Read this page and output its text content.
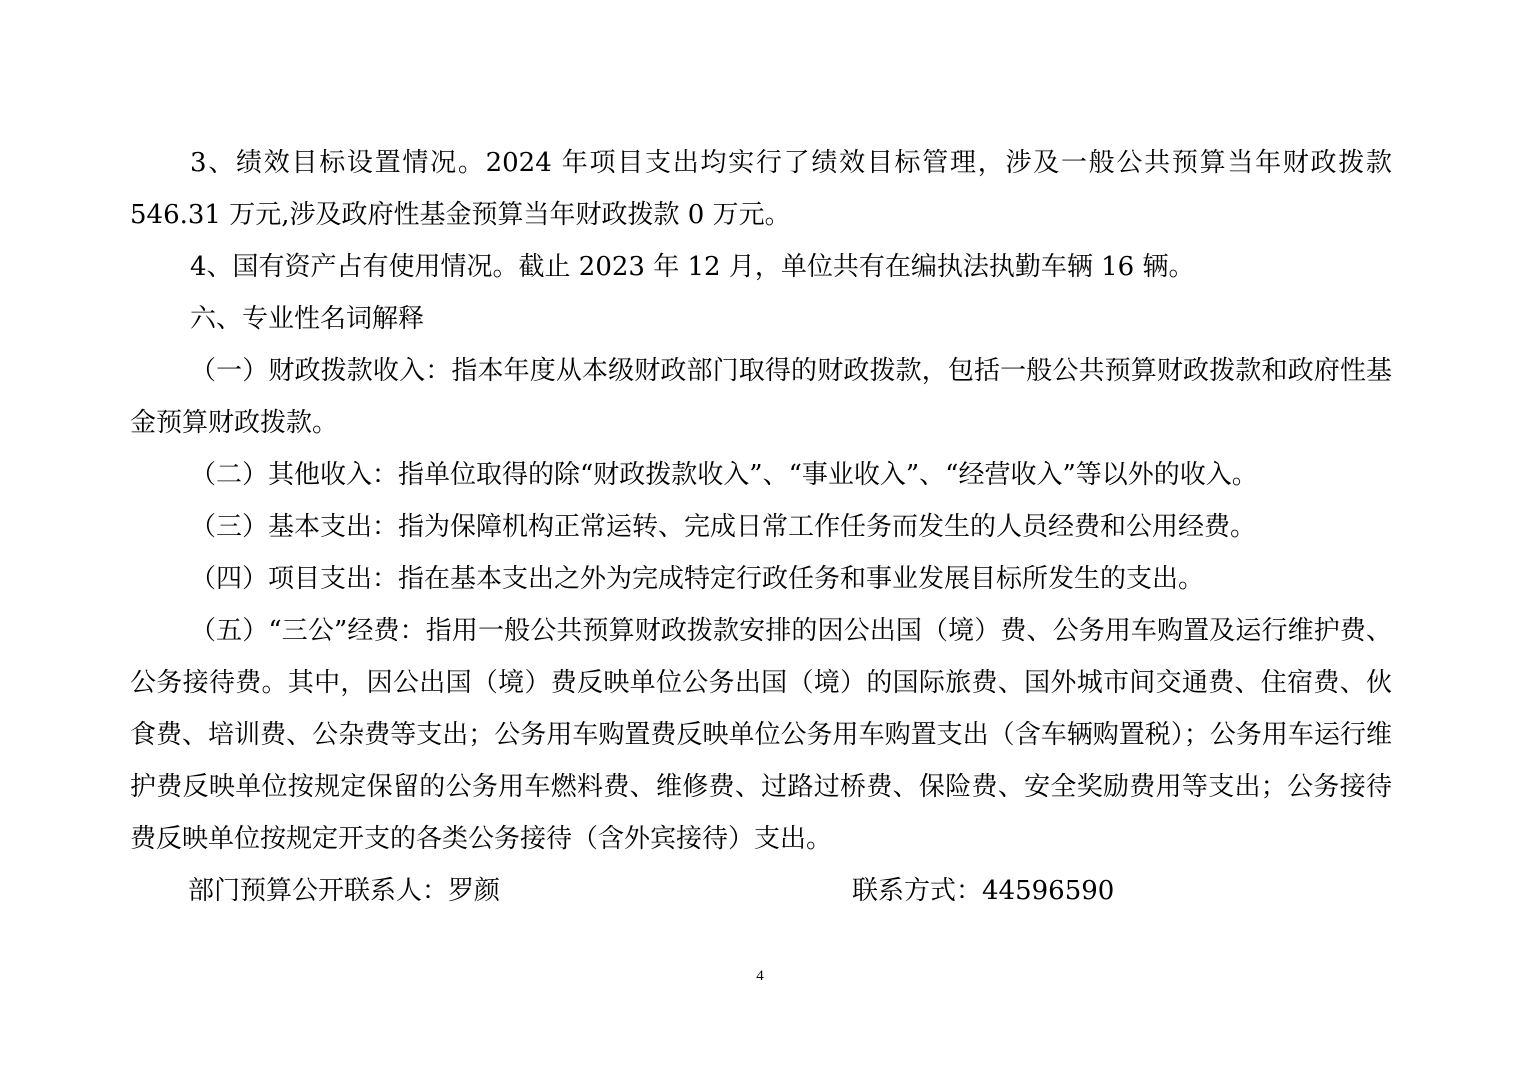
3、绩效目标设置情况。2024 年项目支出均实行了绩效目标管理，涉及一般公共预算当年财政拨款 546.31 万元,涉及政府性基金预算当年财政拨款 0 万元。

4、国有资产占有使用情况。截止 2023 年 12 月，单位共有在编执法执勤车辆 16 辆。

六、专业性名词解释

（一）财政拨款收入：指本年度从本级财政部门取得的财政拨款，包括一般公共预算财政拨款和政府性基金预算财政拨款。

（二）其他收入：指单位取得的除“财政拨款收入”、“事业收入”、“经营收入”等以外的收入。

（三）基本支出：指为保障机构正常运转、完成日常工作任务而发生的人员经费和公用经费。

（四）项目支出：指在基本支出之外为完成特定行政任务和事业发展目标所发生的支出。

（五）“三公”经费：指用一般公共预算财政拨款安排的因公出国（境）费、公务用车购置及运行维护费、公务接待费。其中，因公出国（境）费反映单位公务出国（境）的国际旅费、国外城市间交通费、住宿费、伙食费、培训费、公杂费等支出；公务用车购置费反映单位公务用车购置支出（含车辆购置税）；公务用车运行维护费反映单位按规定保留的公务用车燃料费、维修费、过路过桥费、保险费、安全奖励费用等支出；公务接待费反映单位按规定开支的各类公务接待（含外宾接待）支出。

部门预算公开联系人：罗颜	联系方式：44596590
4
